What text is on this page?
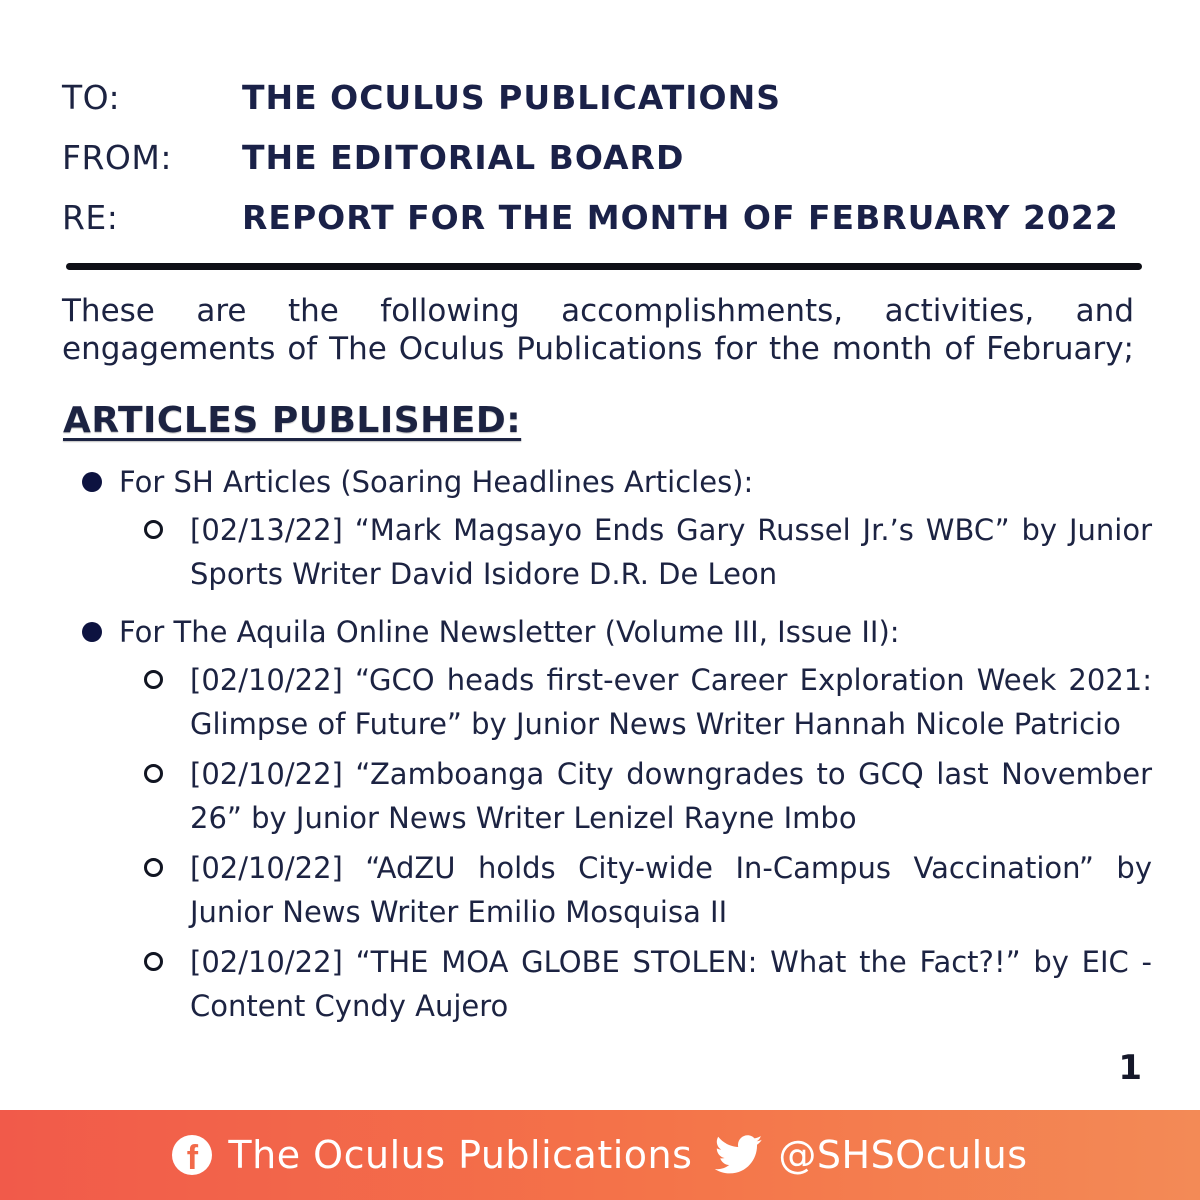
TO:	THE OCULUS PUBLICATIONS
FROM:	THE EDITORIAL BOARD
RE:	REPORT FOR THE MONTH OF FEBRUARY 2022
These are the following accomplishments, activities, and
engagements of The Oculus Publications for the month of February;
ARTICLES PUBLISHED:
For SH Articles (Soaring Headlines Articles):
[02/13/22] “Mark Magsayo Ends Gary Russel Jr.’s WBC” by Junior Sports Writer David Isidore D.R. De Leon
For The Aquila Online Newsletter (Volume III, Issue II):
[02/10/22] “GCO heads first-ever Career Exploration Week 2021: Glimpse of Future” by Junior News Writer Hannah Nicole Patricio
[02/10/22] “Zamboanga City downgrades to GCQ last November 26” by Junior News Writer Lenizel Rayne Imbo
[02/10/22] “AdZU holds City-wide In-Campus Vaccination” by Junior News Writer Emilio Mosquisa II
[02/10/22] “THE MOA GLOBE STOLEN: What the Fact?!” by EIC - Content Cyndy Aujero
1
f The Oculus Publications @SHSOculus
